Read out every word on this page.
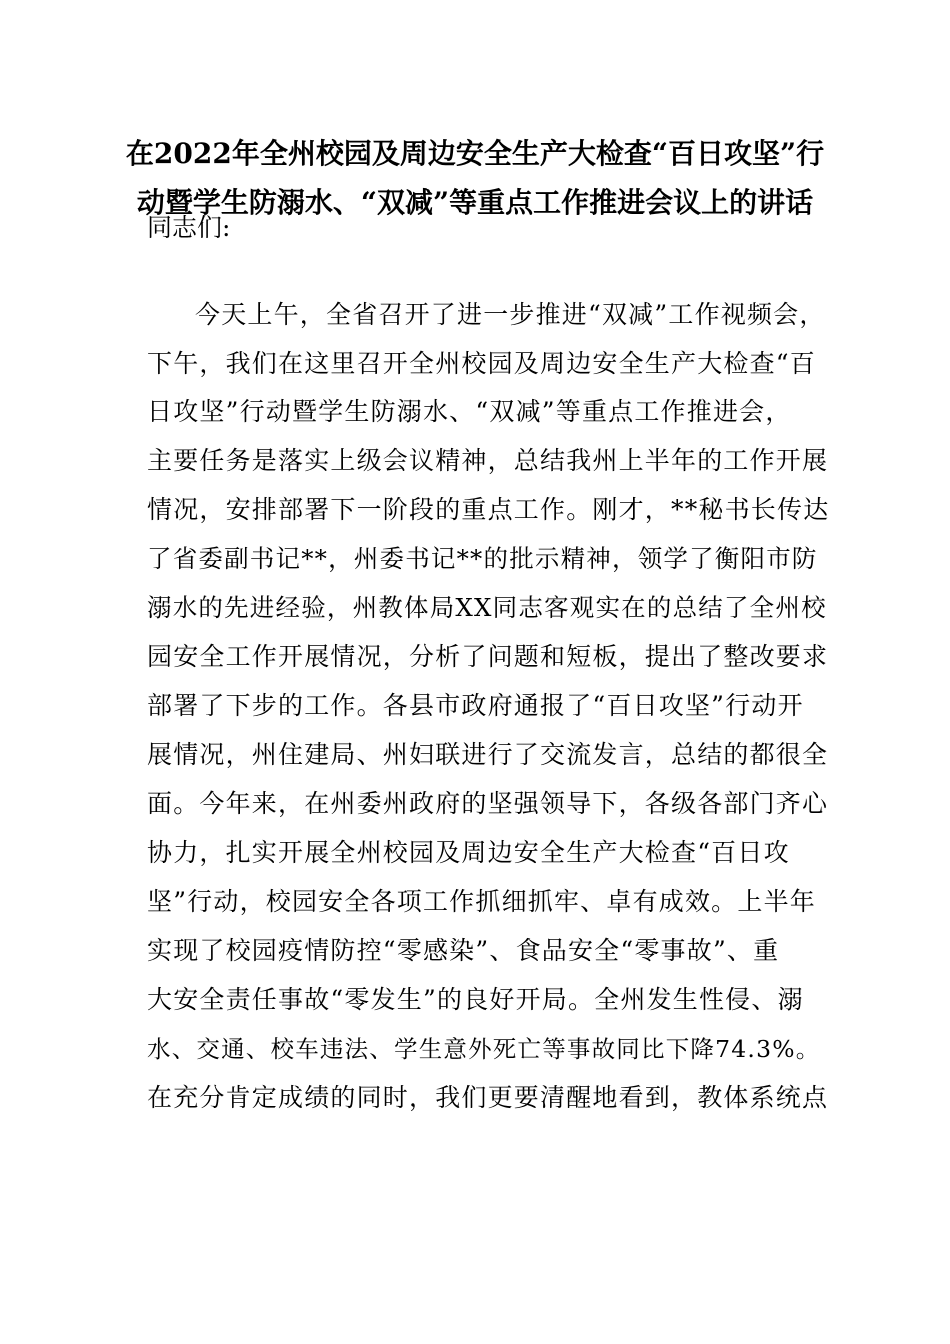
在2022年全州校园及周边安全生产大检查“百日攻坚”行
动暨学生防溺水、“双减”等重点工作推进会议上的讲话
同志们:
今天上午，全省召开了进一步推进“双减”工作视频会，
下午，我们在这里召开全州校园及周边安全生产大检查“百
日攻坚”行动暨学生防溺水、“双减”等重点工作推进会，
主要任务是落实上级会议精神，总结我州上半年的工作开展
情况，安排部署下一阶段的重点工作。刚才，**秘书长传达
了省委副书记**，州委书记**的批示精神，领学了衡阳市防
溺水的先进经验，州教体局XX同志客观实在的总结了全州校
园安全工作开展情况，分析了问题和短板，提出了整改要求
部署了下步的工作。各县市政府通报了“百日攻坚”行动开
展情况，州住建局、州妇联进行了交流发言，总结的都很全
面。今年来，在州委州政府的坚强领导下，各级各部门齐心
协力，扎实开展全州校园及周边安全生产大检查“百日攻
坚”行动，校园安全各项工作抓细抓牢、卓有成效。上半年
实现了校园疫情防控“零感染”、食品安全“零事故”、重
大安全责任事故“零发生”的良好开局。全州发生性侵、溺
水、交通、校车违法、学生意外死亡等事故同比下降74.3%。
在充分肯定成绩的同时，我们更要清醒地看到，教体系统点
